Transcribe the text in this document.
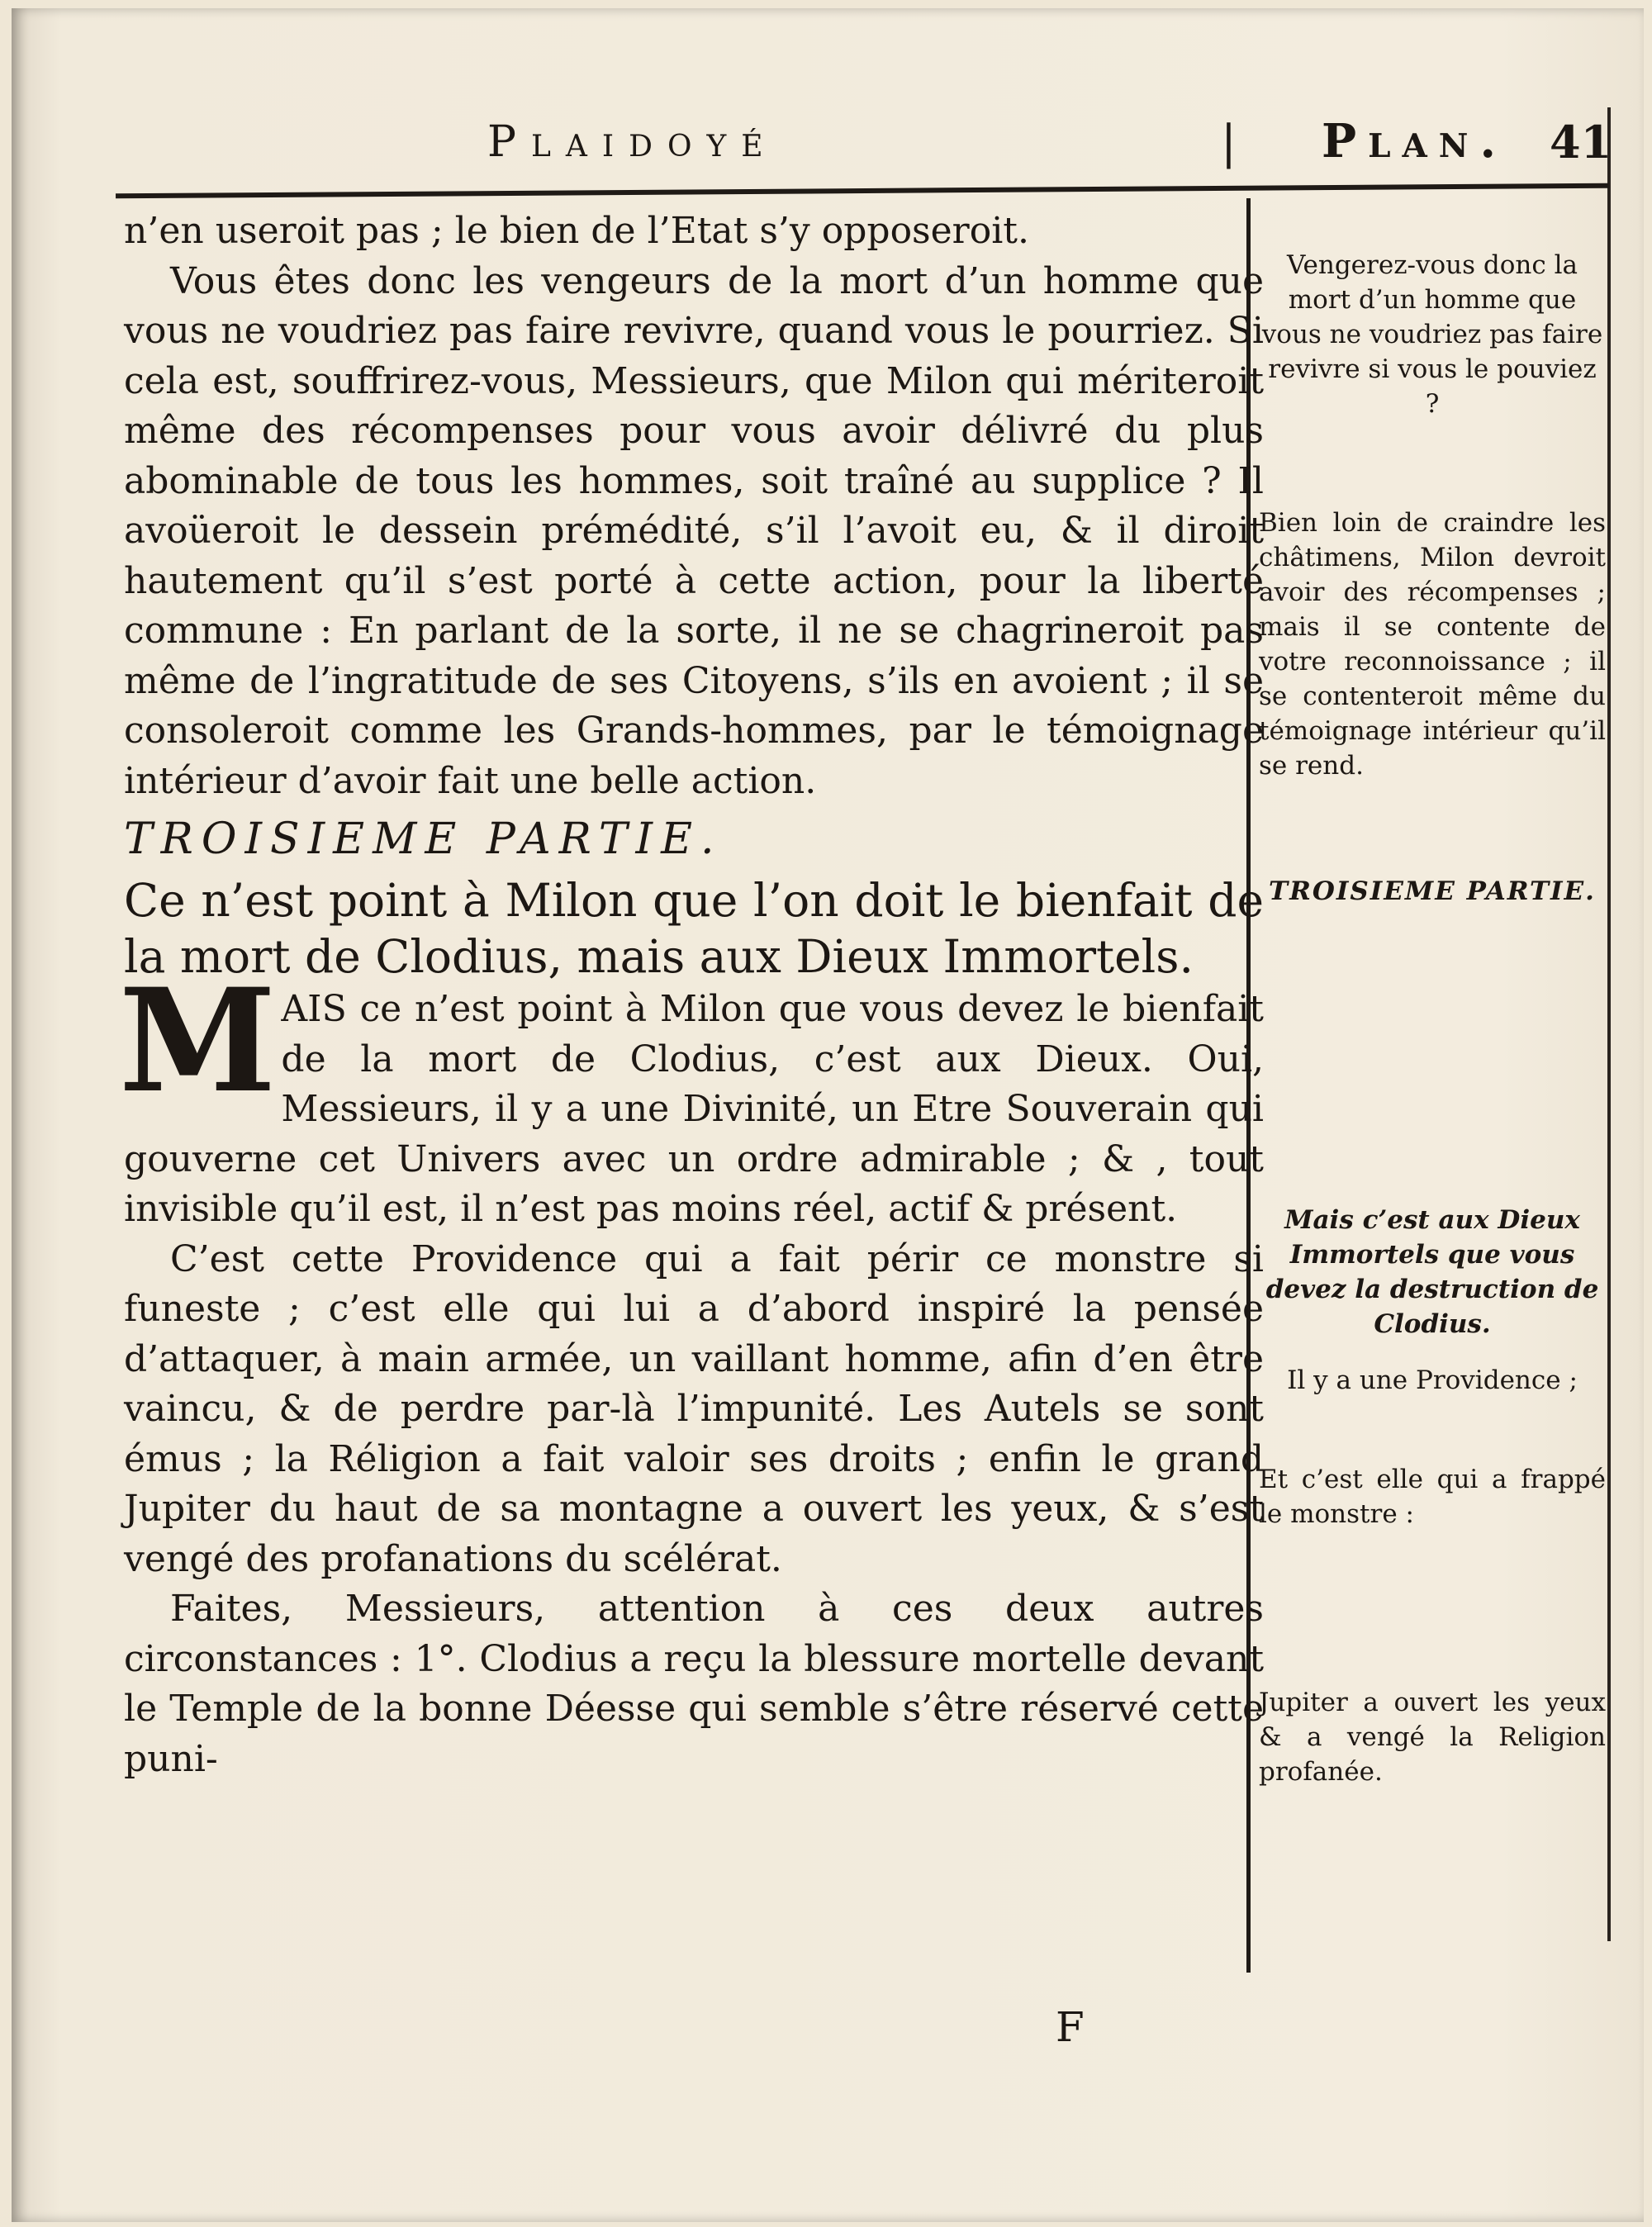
Plaidoyé	| Plan. 41

n’en useroit pas ; le bien de l’Etat s’y opposeroit.

Vous êtes donc les vengeurs de la mort d’un homme que vous ne voudriez pas faire revivre, quand vous le pourriez. Si cela est, souffrirez-vous, Messieurs, que Milon qui mériteroit même des récompenses pour vous avoir délivré du plus abominable de tous les hommes, soit traîné au supplice ? Il avoüeroit le dessein prémédité, s’il l’avoit eu, & il diroit hautement qu’il s’est porté à cette action, pour la liberté commune : En parlant de la sorte, il ne se chagrineroit pas même de l’ingratitude de ses Citoyens, s’ils en avoient ; il se consoleroit comme les Grands-hommes, par le témoignage intérieur d’avoir fait une belle action.

TROISIEME PARTIE.

Ce n’est point à Milon que l’on doit le bienfait de la mort de Clodius, mais aux Dieux Immortels.

MAIS ce n’est point à Milon que vous devez le bienfait de la mort de Clodius, c’est aux Dieux. Oui, Messieurs, il y a une Divinité, un Etre Souverain qui gouverne cet Univers avec un ordre admirable ; & , tout invisible qu’il est, il n’est pas moins réel, actif & présent.

C’est cette Providence qui a fait périr ce monstre si funeste ; c’est elle qui lui a d’abord inspiré la pensée d’attaquer, à main armée, un vaillant homme, afin d’en être vaincu, & de perdre par-là l’impunité. Les Autels se sont émus ; la Réligion a fait valoir ses droits ; enfin le grand Jupiter du haut de sa montagne a ouvert les yeux, & s’est vengé des profanations du scélérat.

Faites, Messieurs, attention à ces deux autres circonstances : 1°. Clodius a reçu la blessure mortelle devant le Temple de la bonne Déesse qui semble s’être réservé cette puni-

F
Vengerez-vous donc la mort d’un homme que vous ne voudriez pas faire revivre si vous le pouviez ?
Bien loin de craindre les châtimens, Milon devroit avoir des récompenses ; mais il se contente de votre reconnoissance ; il se contenteroit même du témoignage intérieur qu’il se rend.
TROISIEME PARTIE.
Mais c’est aux Dieux Immortels que vous devez la destruction de Clodius.
Il y a une Providence ;
Et c’est elle qui a frappé le monstre :
Jupiter a ouvert les yeux & a vengé la Religion profanée.
